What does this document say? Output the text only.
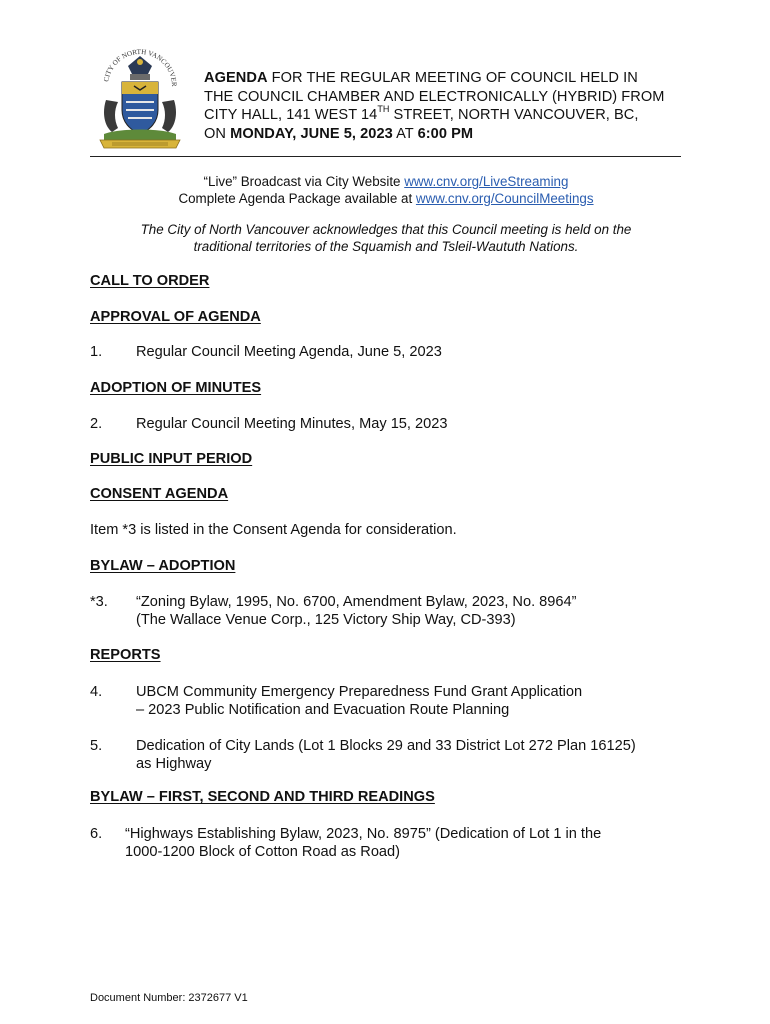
CITY OF NORTH VANCOUVER AGENDA FOR THE REGULAR MEETING OF COUNCIL HELD IN
THE COUNCIL CHAMBER AND ELECTRONICALLY (HYBRID) FROM
CITY HALL, 141 WEST 14TH STREET, NORTH VANCOUVER, BC,
ON MONDAY, JUNE 5, 2023 AT 6:00 PM
“Live” Broadcast via City Website www.cnv.org/LiveStreaming
Complete Agenda Package available at www.cnv.org/CouncilMeetings
The City of North Vancouver acknowledges that this Council meeting is held on the
traditional territories of the Squamish and Tsleil-Waututh Nations.
CALL TO ORDER
APPROVAL OF AGENDA
1. Regular Council Meeting Agenda, June 5, 2023
ADOPTION OF MINUTES
2. Regular Council Meeting Minutes, May 15, 2023
PUBLIC INPUT PERIOD
CONSENT AGENDA
Item *3 is listed in the Consent Agenda for consideration.
BYLAW – ADOPTION
*3. “Zoning Bylaw, 1995, No. 6700, Amendment Bylaw, 2023, No. 8964”
(The Wallace Venue Corp., 125 Victory Ship Way, CD-393)
REPORTS
4. UBCM Community Emergency Preparedness Fund Grant Application
– 2023 Public Notification and Evacuation Route Planning
5. Dedication of City Lands (Lot 1 Blocks 29 and 33 District Lot 272 Plan 16125)
as Highway
BYLAW – FIRST, SECOND AND THIRD READINGS
6. “Highways Establishing Bylaw, 2023, No. 8975” (Dedication of Lot 1 in the
1000-1200 Block of Cotton Road as Road)
Document Number: 2372677 V1
